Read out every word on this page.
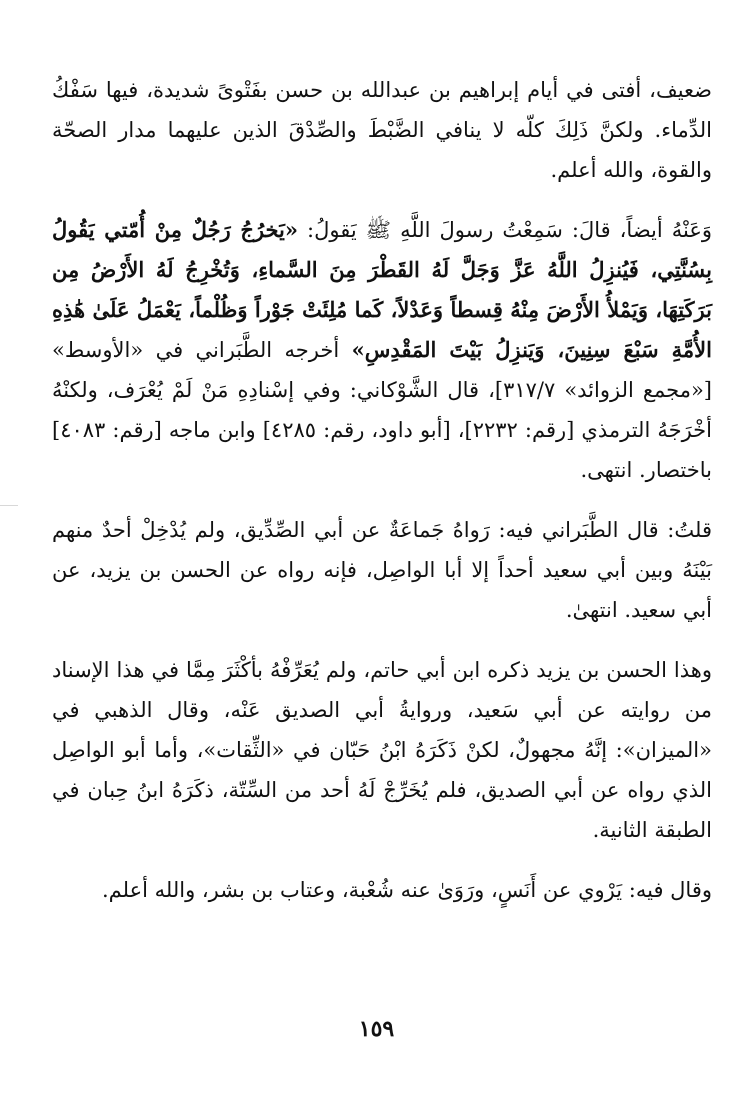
ضعيف، أفتى في أيام إبراهيم بن عبدالله بن حسن بفَتْوىً شديدة، فيها سَفْكُ الدِّماء. ولكنَّ ذَلِكَ كلّه لا ينافي الضَّبْطَ والصِّدْقَ الذين عليهما مدار الصحّة والقوة، والله أعلم.

وَعَنْهُ أيضاً، قالَ: سَمِعْتُ رسولَ اللَّهِ ﷺ يَقولُ: «يَخرُجُ رَجُلٌ مِنْ أُمّتي يَقُولُ بِسُنَّتِي، فَيُنزِلُ اللَّهُ عَزَّ وَجَلَّ لَهُ القَطْرَ مِنَ السَّماءِ، وَتُخْرِجُ لَهُ الأَرْضُ مِن بَرَكَتِهَا، وَيَمْلأُ الأَرْضَ مِنْهُ قِسطاً وَعَدْلاً، كَما مُلِئَتْ جَوْراً وَظُلْماً، يَعْمَلُ عَلَىٰ هَٰذِهِ الأُمَّةِ سَبْعَ سِنِينَ، وَيَنزِلُ بَيْتَ المَقْدِسِ» أخرجه الطَّبَراني في «الأوسط» [«مجمع الزوائد» ٣١٧/٧]، قال الشَّوْكاني: وفي إسْنادِهِ مَنْ لَمْ يُعْرَف، ولكنْهُ أخْرَجَهُ الترمذي [رقم: ٢٢٣٢]، [أبو داود، رقم: ٤٢٨٥] وابن ماجه [رقم: ٤٠٨٣] باختصار. انتهى.

قلتُ: قال الطَّبَراني فيه: رَواهُ جَماعَةٌ عن أبي الصِّدِّيق، ولم يُدْخِلْ أحدٌ منهم بَيْنَهُ وبين أبي سعيد أحداً إلا أبا الواصِل، فإنه رواه عن الحسن بن يزيد، عن أبي سعيد. انتهىٰ.

وهذا الحسن بن يزيد ذكره ابن أبي حاتم، ولم يُعَرِّفْهُ بأكْثَرَ مِمَّا في هذا الإسناد من روايته عن أبي سَعيد، وروايةُ أبي الصديق عَنْه، وقال الذهبي في «الميزان»: إنَّهُ مجهولٌ، لكنْ ذَكَرَهُ ابْنُ حَبّان في «الثِّقات»، وأما أبو الواصِل الذي رواه عن أبي الصديق، فلم يُخَرِّجْ لَهُ أحد من السِّتّة، ذكَرَهُ ابنُ حِبان في الطبقة الثانية.

وقال فيه: يَرْوي عن أَنَسٍ، ورَوَىٰ عنه شُعْبة، وعتاب بن بشر، والله أعلم.

١٥٩
